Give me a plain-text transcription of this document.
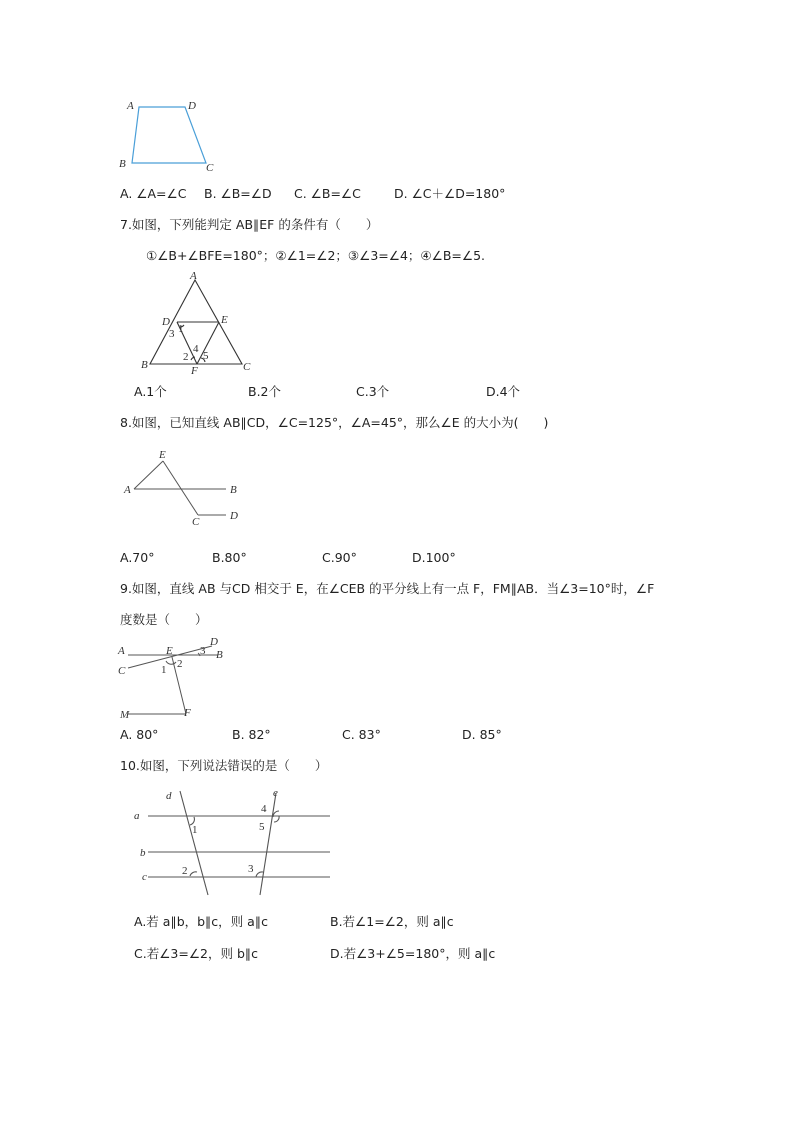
A	D
B	C
A. ∠A=∠C B. ∠B=∠D C. ∠B=∠C	D. ∠C＋∠D=180°
7.如图，下列能判定 AB∥EF 的条件有（　　）
①∠B+∠BFE=180°；②∠1=∠2；③∠3=∠4；④∠B=∠5.
A
D	E
B	C
F
1
3
2
4
5
A.1个	B.2个	C.3个	D.4个
8.如图，已知直线 AB∥CD，∠C=125°，∠A=45°，那么∠E 的大小为(　　)
A	B
E
C	D
A.70°	B.80°	C.90°	D.100°
9.如图，直线 AB 与CD 相交于 E，在∠CEB 的平分线上有一点 F，FM∥AB．当∠3=10°时，∠F
度数是（　　）
A	B
C
D
E
F
M
1 2
3
A. 80°	B. 82°	C. 83°	D. 85°
10.如图，下列说法错误的是（　　）
d	e
a
b
c
1
2	3
4
5
A.若 a∥b，b∥c，则 a∥c	B.若∠1=∠2，则 a∥c
C.若∠3=∠2，则 b∥c	D.若∠3+∠5=180°，则 a∥c
